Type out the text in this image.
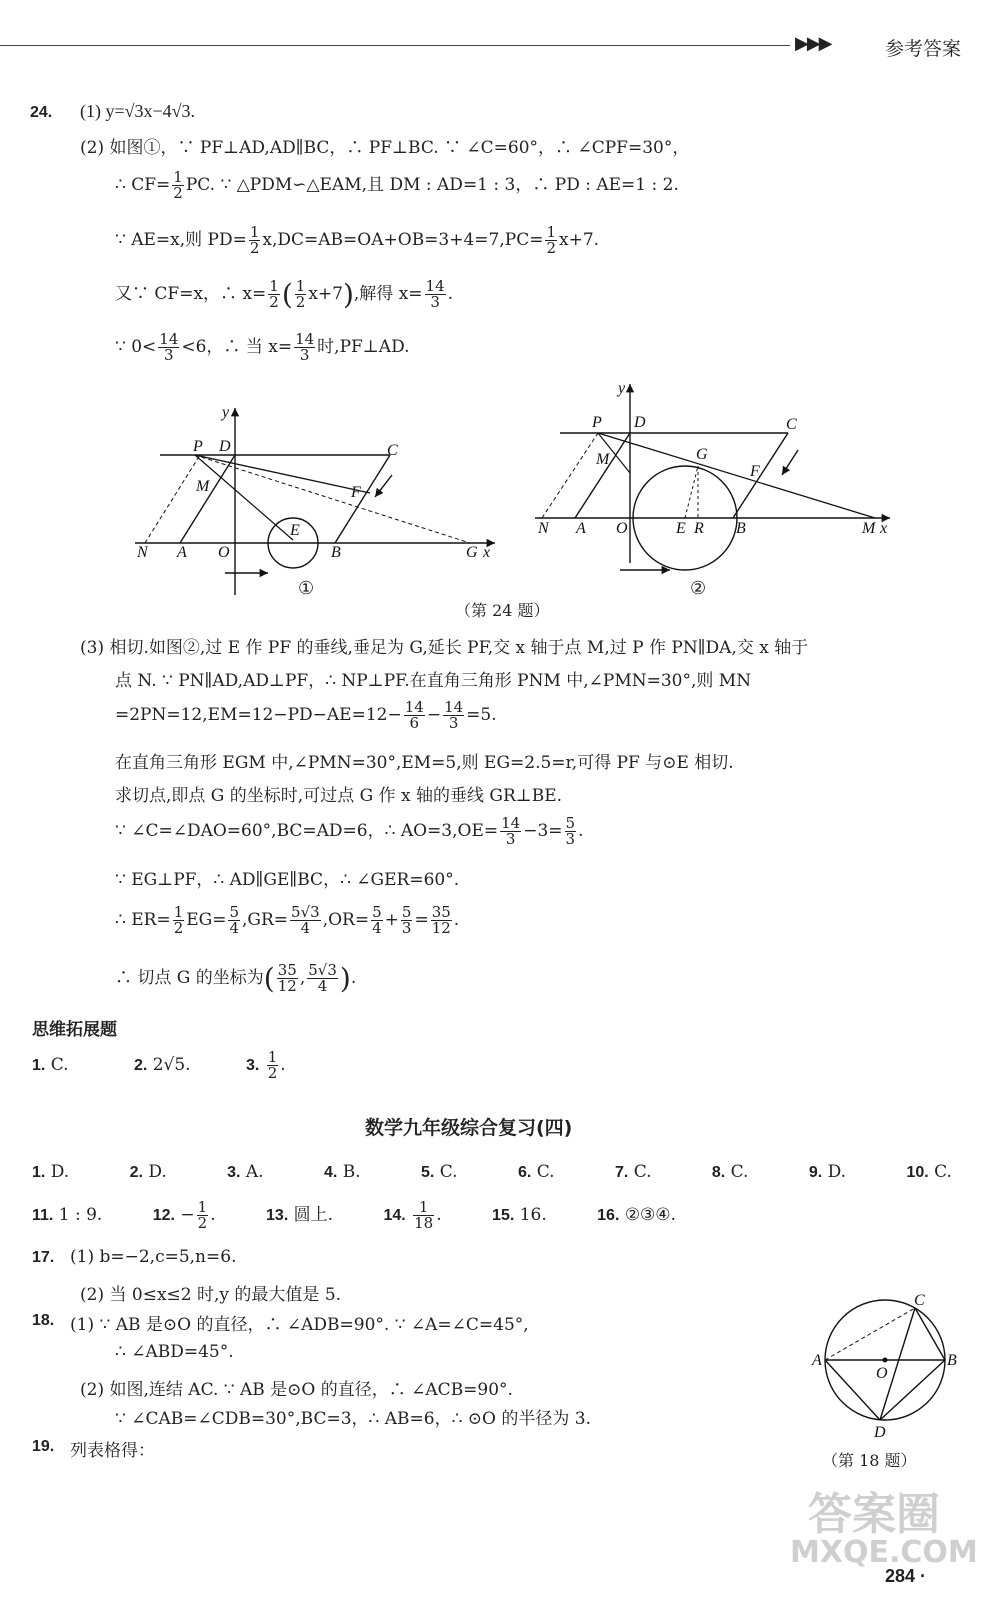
▶▶▶	参考答案
24. (1) y=√3x−4√3.
(2) 如图①，∵ PF⊥AD,AD∥BC，∴ PF⊥BC. ∵ ∠C=60°，∴ ∠CPF=30°，
∴ $CF= \frac{1}{2}$ PC. ∵ △PDM∽△EAM,且 DM : AD=1 : 3，∴ PD : AE=1 : 2.
∵ AE=x,则 $PD= \frac{1}{2} x,DC=AB=OA+OB=3+4=7,PC= \frac{1}{2} x+7$.
又∵ CF=x，∴ $x= \frac{1}{2}$ ( $\frac{1}{2} x+7$),解得 $x= \frac{14}{3}$ .
∵ $0< \frac{14}{3} <6$，∴ 当 $x= \frac{14}{3}$ 时,PF⊥AD.
y
P D	C
M	F
E
N A O	B	G x
①
y
P D	C
M	G
F
N A O	E R B	M x
②
（第 24 题）
(3) 相切.如图②,过 E 作 PF 的垂线,垂足为 G,延长 PF,交 x 轴于点 M,过 P 作 PN∥DA,交 x 轴于
点 N. ∵ PN∥AD,AD⊥PF，∴ NP⊥PF.在直角三角形 PNM 中,∠PMN=30°,则 MN
$=2PN=12,EM=12-PD-AE=12- \frac{14}{6} - \frac{14}{3} =5$.
在直角三角形 EGM 中,∠PMN=30°,EM=5,则 EG=2.5=r,可得 PF 与⊙E 相切.
求切点,即点 G 的坐标时,可过点 G 作 x 轴的垂线 GR⊥BE.
∵ ∠C=∠DAO=60°,BC=AD=6，∴ $AO=3,OE= \frac{14}{3} -3= \frac{5}{3}$ .
∵ EG⊥PF，∴ AD∥GE∥BC，∴ ∠GER=60°.
∴ $ER= \frac{1}{2} EG= \frac{5}{4} ,GR= \frac{5√3}{4} ,OR= \frac{5}{4} + \frac{5}{3} = \frac{35}{12}$ .
∴ 切点 G 的坐标为( $\frac{35}{12}$ , $\frac{5√3}{4}$ ).
思维拓展题
1. C.	2. 2√5.	3. $\frac{1}{2}$ .
数学九年级综合复习(四)
1. D.	2. D.	3. A.	4. B.	5. C.	6. C.	7. C.	8. C.	9. D.	10. C.
11. 1 : 9.	12. − $\frac{1}{2}$ .	13. 圆上.	14. $\frac{1}{18}$ .	15. 16.	16. ②③④.
17. (1) b=−2,c=5,n=6.
(2) 当 0≤x≤2 时,y 的最大值是 5.
18. (1) ∵ AB 是⊙O 的直径，∴ ∠ADB=90°. ∵ ∠A=∠C=45°,
∴ ∠ABD=45°.
(2) 如图,连结 AC. ∵ AB 是⊙O 的直径，∴ ∠ACB=90°.
∵ ∠CAB=∠CDB=30°,BC=3，∴ AB=6，∴ ⊙O 的半径为 3.
C
A
O
B
D
（第 18 题）
19. 列表格得：
答案圈
MXQE.COM
284 ·
